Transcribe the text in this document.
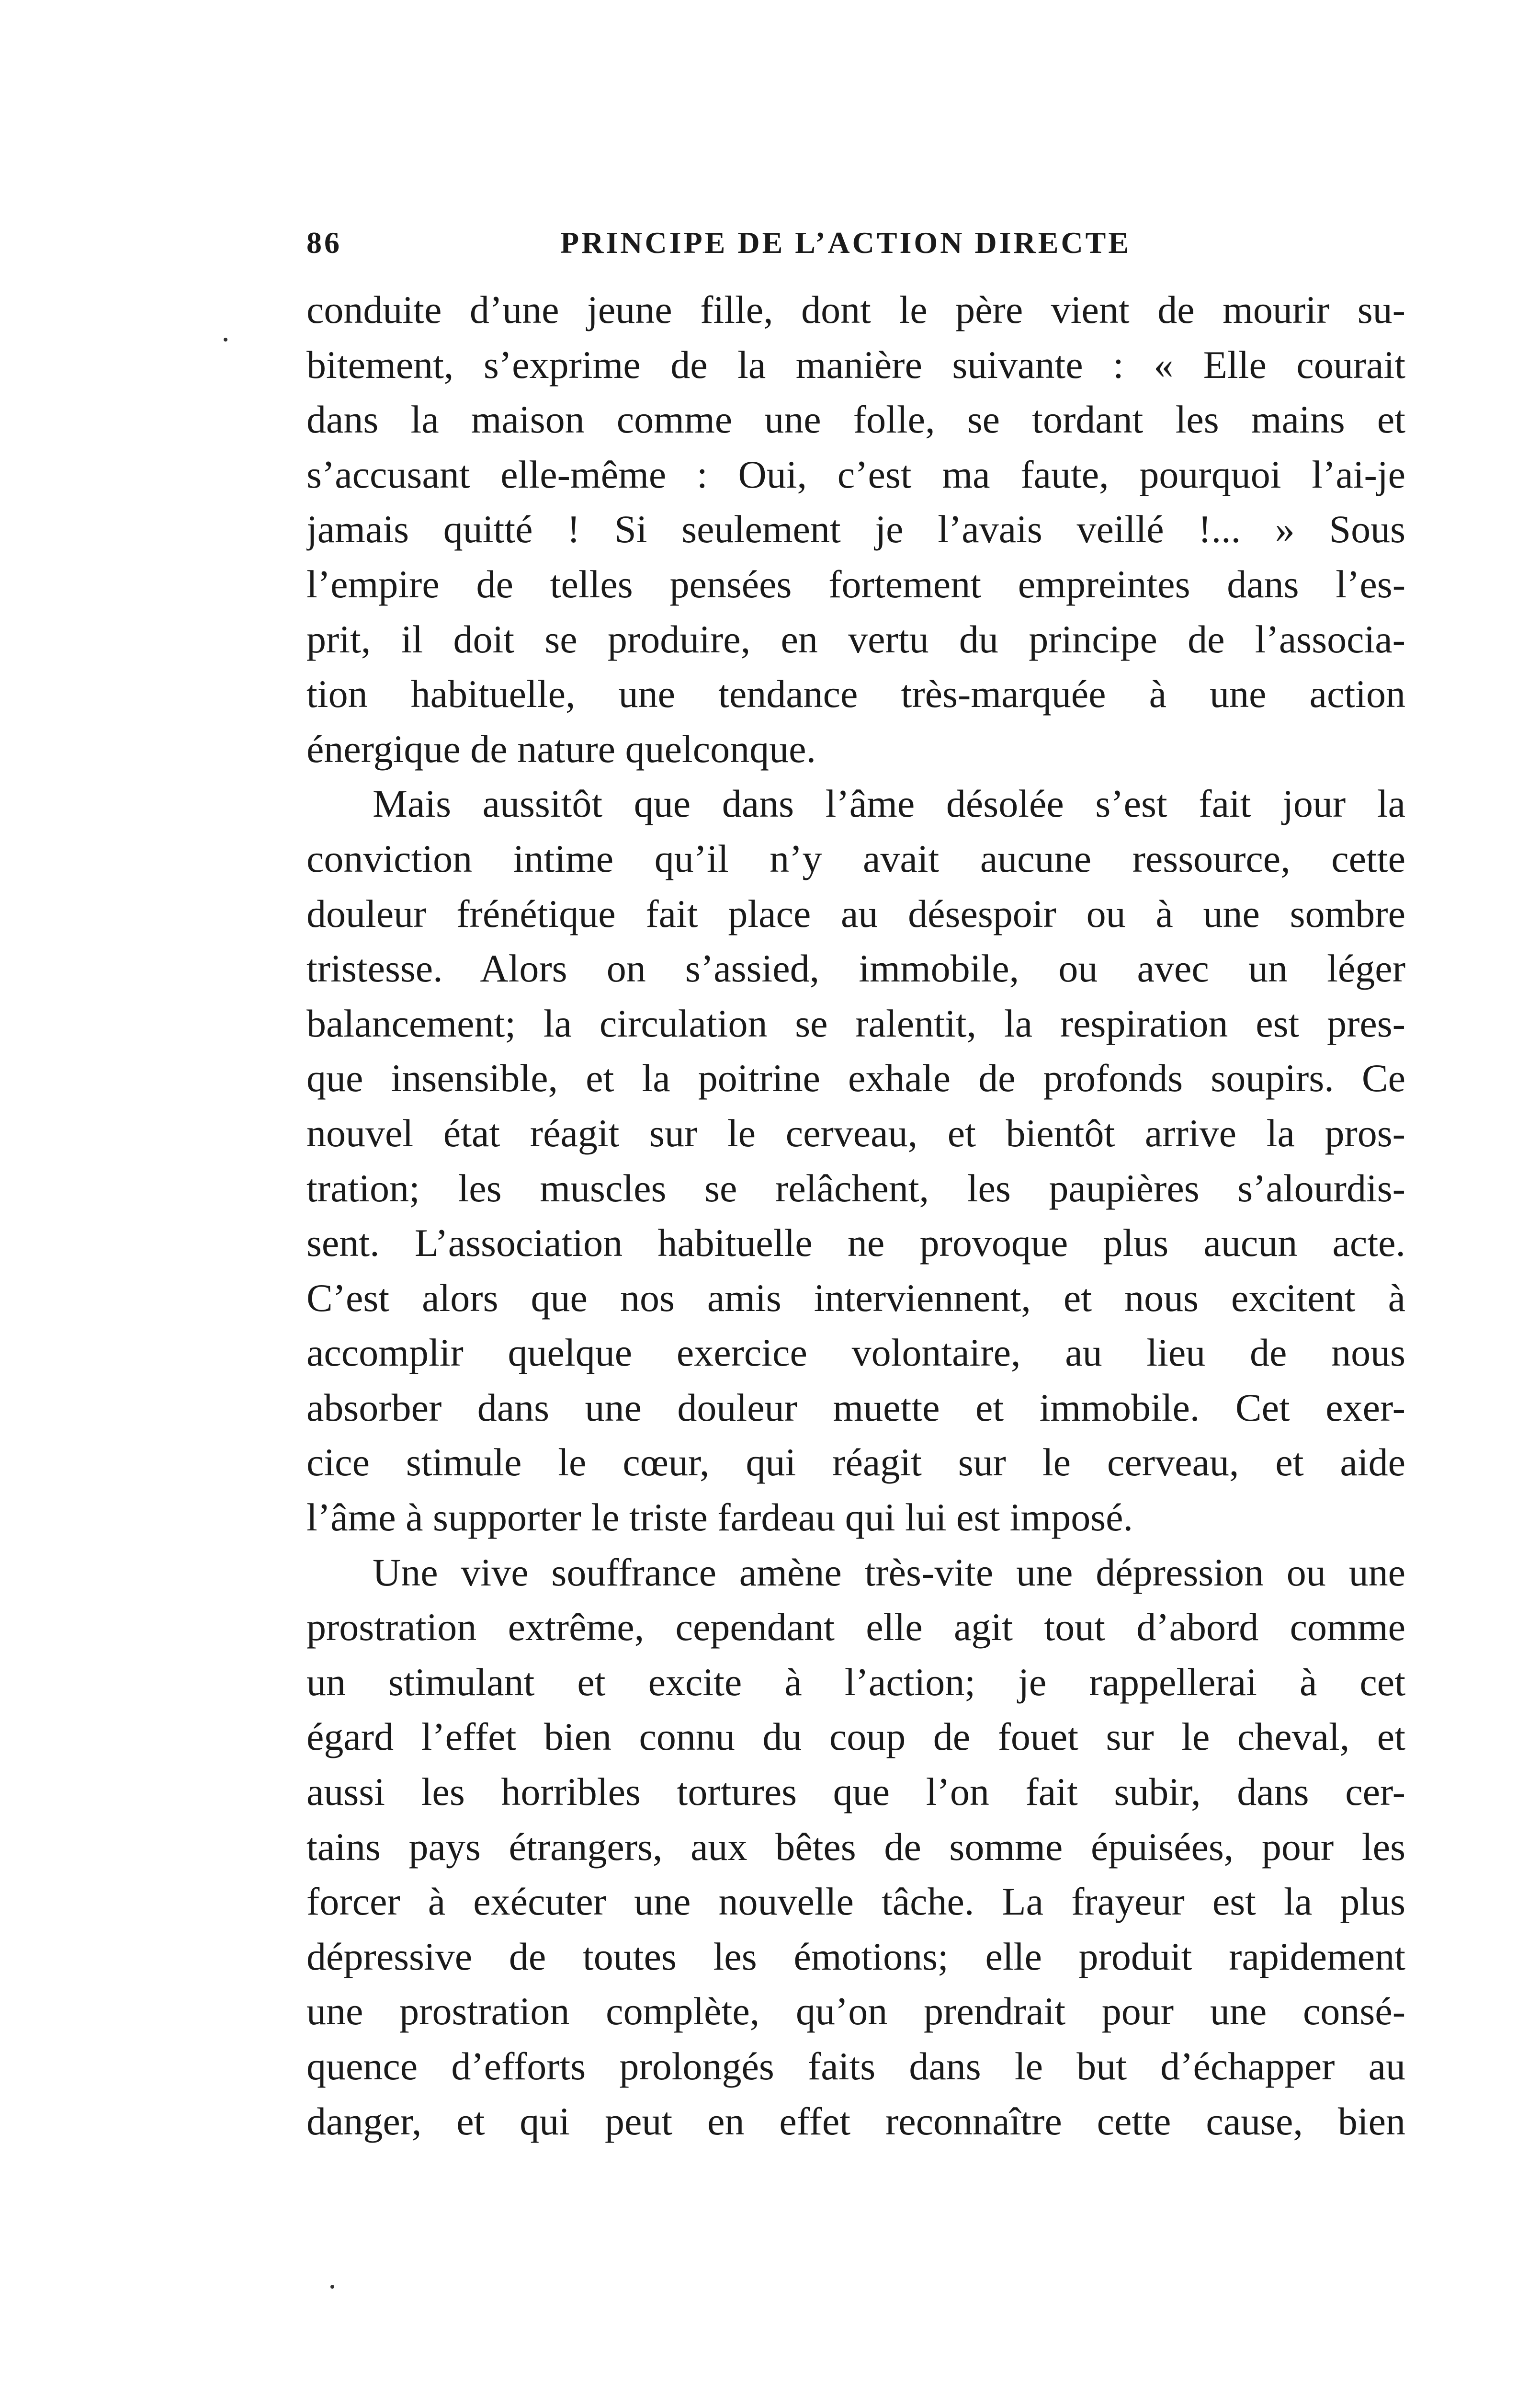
86	PRINCIPE DE L’ACTION DIRECTE
conduite d’une jeune fille, dont le père vient de mourir su-
bitement, s’exprime de la manière suivante : « Elle courait
dans la maison comme une folle, se tordant les mains et
s’accusant elle-même : Oui, c’est ma faute, pourquoi l’ai-je
jamais quitté ! Si seulement je l’avais veillé !... » Sous
l’empire de telles pensées fortement empreintes dans l’es-
prit, il doit se produire, en vertu du principe de l’associa-
tion habituelle, une tendance très-marquée à une action
énergique de nature quelconque.
Mais aussitôt que dans l’âme désolée s’est fait jour la
conviction intime qu’il n’y avait aucune ressource, cette
douleur frénétique fait place au désespoir ou à une sombre
tristesse. Alors on s’assied, immobile, ou avec un léger
balancement; la circulation se ralentit, la respiration est pres-
que insensible, et la poitrine exhale de profonds soupirs. Ce
nouvel état réagit sur le cerveau, et bientôt arrive la pros-
tration; les muscles se relâchent, les paupières s’alourdis-
sent. L’association habituelle ne provoque plus aucun acte.
C’est alors que nos amis interviennent, et nous excitent à
accomplir quelque exercice volontaire, au lieu de nous
absorber dans une douleur muette et immobile. Cet exer-
cice stimule le cœur, qui réagit sur le cerveau, et aide
l’âme à supporter le triste fardeau qui lui est imposé.
Une vive souffrance amène très-vite une dépression ou une
prostration extrême, cependant elle agit tout d’abord comme
un stimulant et excite à l’action; je rappellerai à cet
égard l’effet bien connu du coup de fouet sur le cheval, et
aussi les horribles tortures que l’on fait subir, dans cer-
tains pays étrangers, aux bêtes de somme épuisées, pour les
forcer à exécuter une nouvelle tâche. La frayeur est la plus
dépressive de toutes les émotions; elle produit rapidement
une prostration complète, qu’on prendrait pour une consé-
quence d’efforts prolongés faits dans le but d’échapper au
danger, et qui peut en effet reconnaître cette cause, bien
